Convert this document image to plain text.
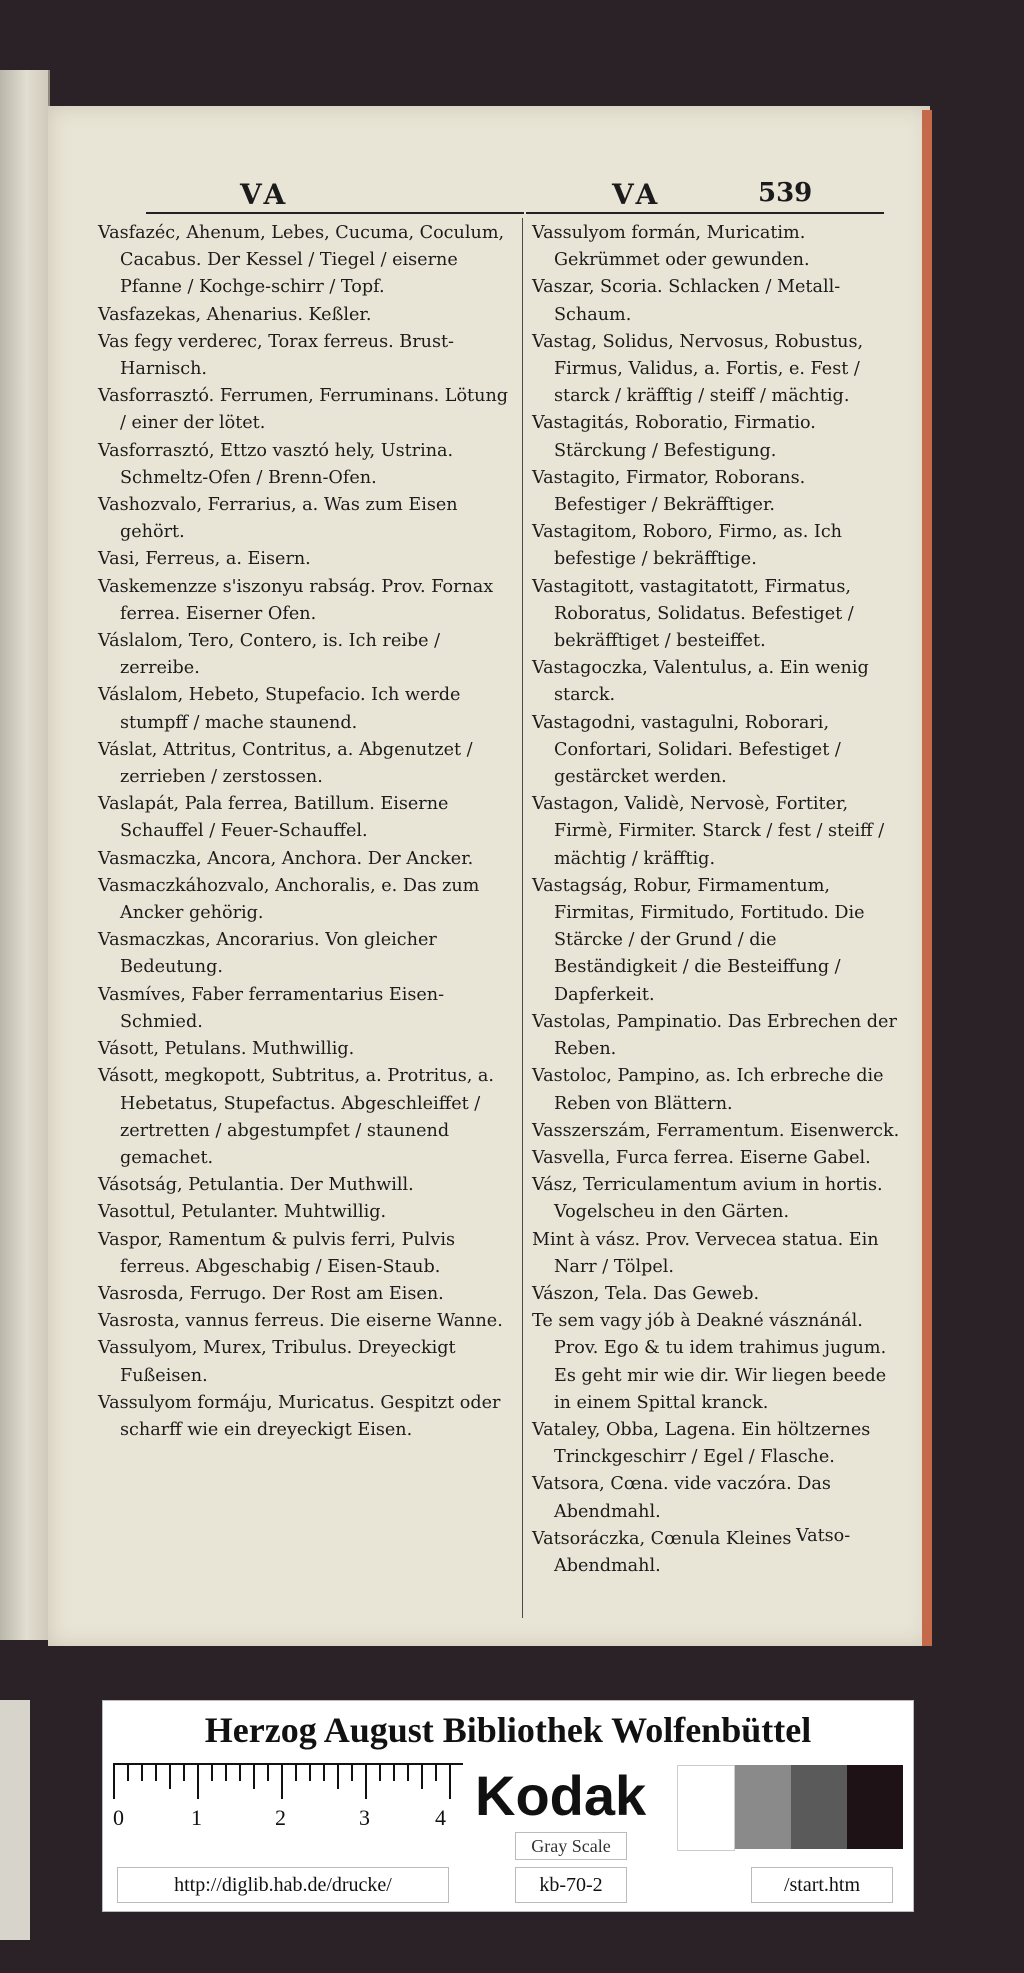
VA	VA	539

Vasfazéc, Ahenum, Lebes, Cucuma, Coculum, Cacabus. Der Kessel / Tiegel / eiserne Pfanne / Kochge-schirr / Topf.

Vasfazekas, Ahenarius. Keßler.

Vas fegy verderec, Torax ferreus. Brust-Harnisch.

Vasforrasztó. Ferrumen, Ferruminans. Lötung / einer der lötet.

Vasforrasztó, Ettzo vasztó hely, Ustrina. Schmeltz-Ofen / Brenn-Ofen.

Vashozvalo, Ferrarius, a. Was zum Eisen gehört.

Vasi, Ferreus, a. Eisern.

Vaskemenzze s'iszonyu rabság. Prov. Fornax ferrea. Eiserner Ofen.

Váslalom, Tero, Contero, is. Ich reibe / zerreibe.

Váslalom, Hebeto, Stupefacio. Ich werde stumpff / mache staunend.

Váslat, Attritus, Contritus, a. Abgenutzet / zerrieben / zerstossen.

Vaslapát, Pala ferrea, Batillum. Eiserne Schauffel / Feuer-Schauffel.

Vasmaczka, Ancora, Anchora. Der Ancker.

Vasmaczkáhozvalo, Anchoralis, e. Das zum Ancker gehörig.

Vasmaczkas, Ancorarius. Von gleicher Bedeutung.

Vasmíves, Faber ferramentarius Eisen-Schmied.

Vásott, Petulans. Muthwillig.

Vásott, megkopott, Subtritus, a. Protritus, a. Hebetatus, Stupefactus. Abgeschleiffet / zertretten / abgestumpfet / staunend gemachet.

Vásotság, Petulantia. Der Muthwill.

Vasottul, Petulanter. Muhtwillig.

Vaspor, Ramentum & pulvis ferri, Pulvis ferreus. Abgeschabig / Eisen-Staub.

Vasrosda, Ferrugo. Der Rost am Eisen.

Vasrosta, vannus ferreus. Die eiserne Wanne.

Vassulyom, Murex, Tribulus. Dreyeckigt Fußeisen.

Vassulyom formáju, Muricatus. Gespitzt oder scharff wie ein dreyeckigt Eisen.

Vassulyom formán, Muricatim. Gekrümmet oder gewunden.

Vaszar, Scoria. Schlacken / Metall-Schaum.

Vastag, Solidus, Nervosus, Robustus, Firmus, Validus, a. Fortis, e. Fest / starck / kräfftig / steiff / mächtig.

Vastagitás, Roboratio, Firmatio. Stärckung / Befestigung.

Vastagito, Firmator, Roborans. Befestiger / Bekräfftiger.

Vastagitom, Roboro, Firmo, as. Ich befestige / bekräfftige.

Vastagitott, vastagitatott, Firmatus, Roboratus, Solidatus. Befestiget / bekräfftiget / besteiffet.

Vastagoczka, Valentulus, a. Ein wenig starck.

Vastagodni, vastagulni, Roborari, Confortari, Solidari. Befestiget / gestärcket werden.

Vastagon, Validè, Nervosè, Fortiter, Firmè, Firmiter. Starck / fest / steiff / mächtig / kräfftig.

Vastagság, Robur, Firmamentum, Firmitas, Firmitudo, Fortitudo. Die Stärcke / der Grund / die Beständigkeit / die Besteiffung / Dapferkeit.

Vastolas, Pampinatio. Das Erbrechen der Reben.

Vastoloc, Pampino, as. Ich erbreche die Reben von Blättern.

Vasszerszám, Ferramentum. Eisenwerck.

Vasvella, Furca ferrea. Eiserne Gabel.

Vász, Terriculamentum avium in hortis. Vogelscheu in den Gärten.

Mint à vász. Prov. Vervecea statua. Ein Narr / Tölpel.

Vászon, Tela. Das Geweb.

Te sem vagy jób à Deakné vásznánál. Prov. Ego & tu idem trahimus jugum. Es geht mir wie dir. Wir liegen beede in einem Spittal kranck.

Vataley, Obba, Lagena. Ein höltzernes Trinckgeschirr / Egel / Flasche.

Vatsora, Cœna. vide vaczóra. Das Abendmahl.

Vatsoráczka, Cœnula Kleines Abendmahl.

Vatso-
Herzog August Bibliothek Wolfenbüttel
0	1	2	3	4 Kodak
Gray Scale
http://diglib.hab.de/drucke/	kb-70-2	/start.htm
